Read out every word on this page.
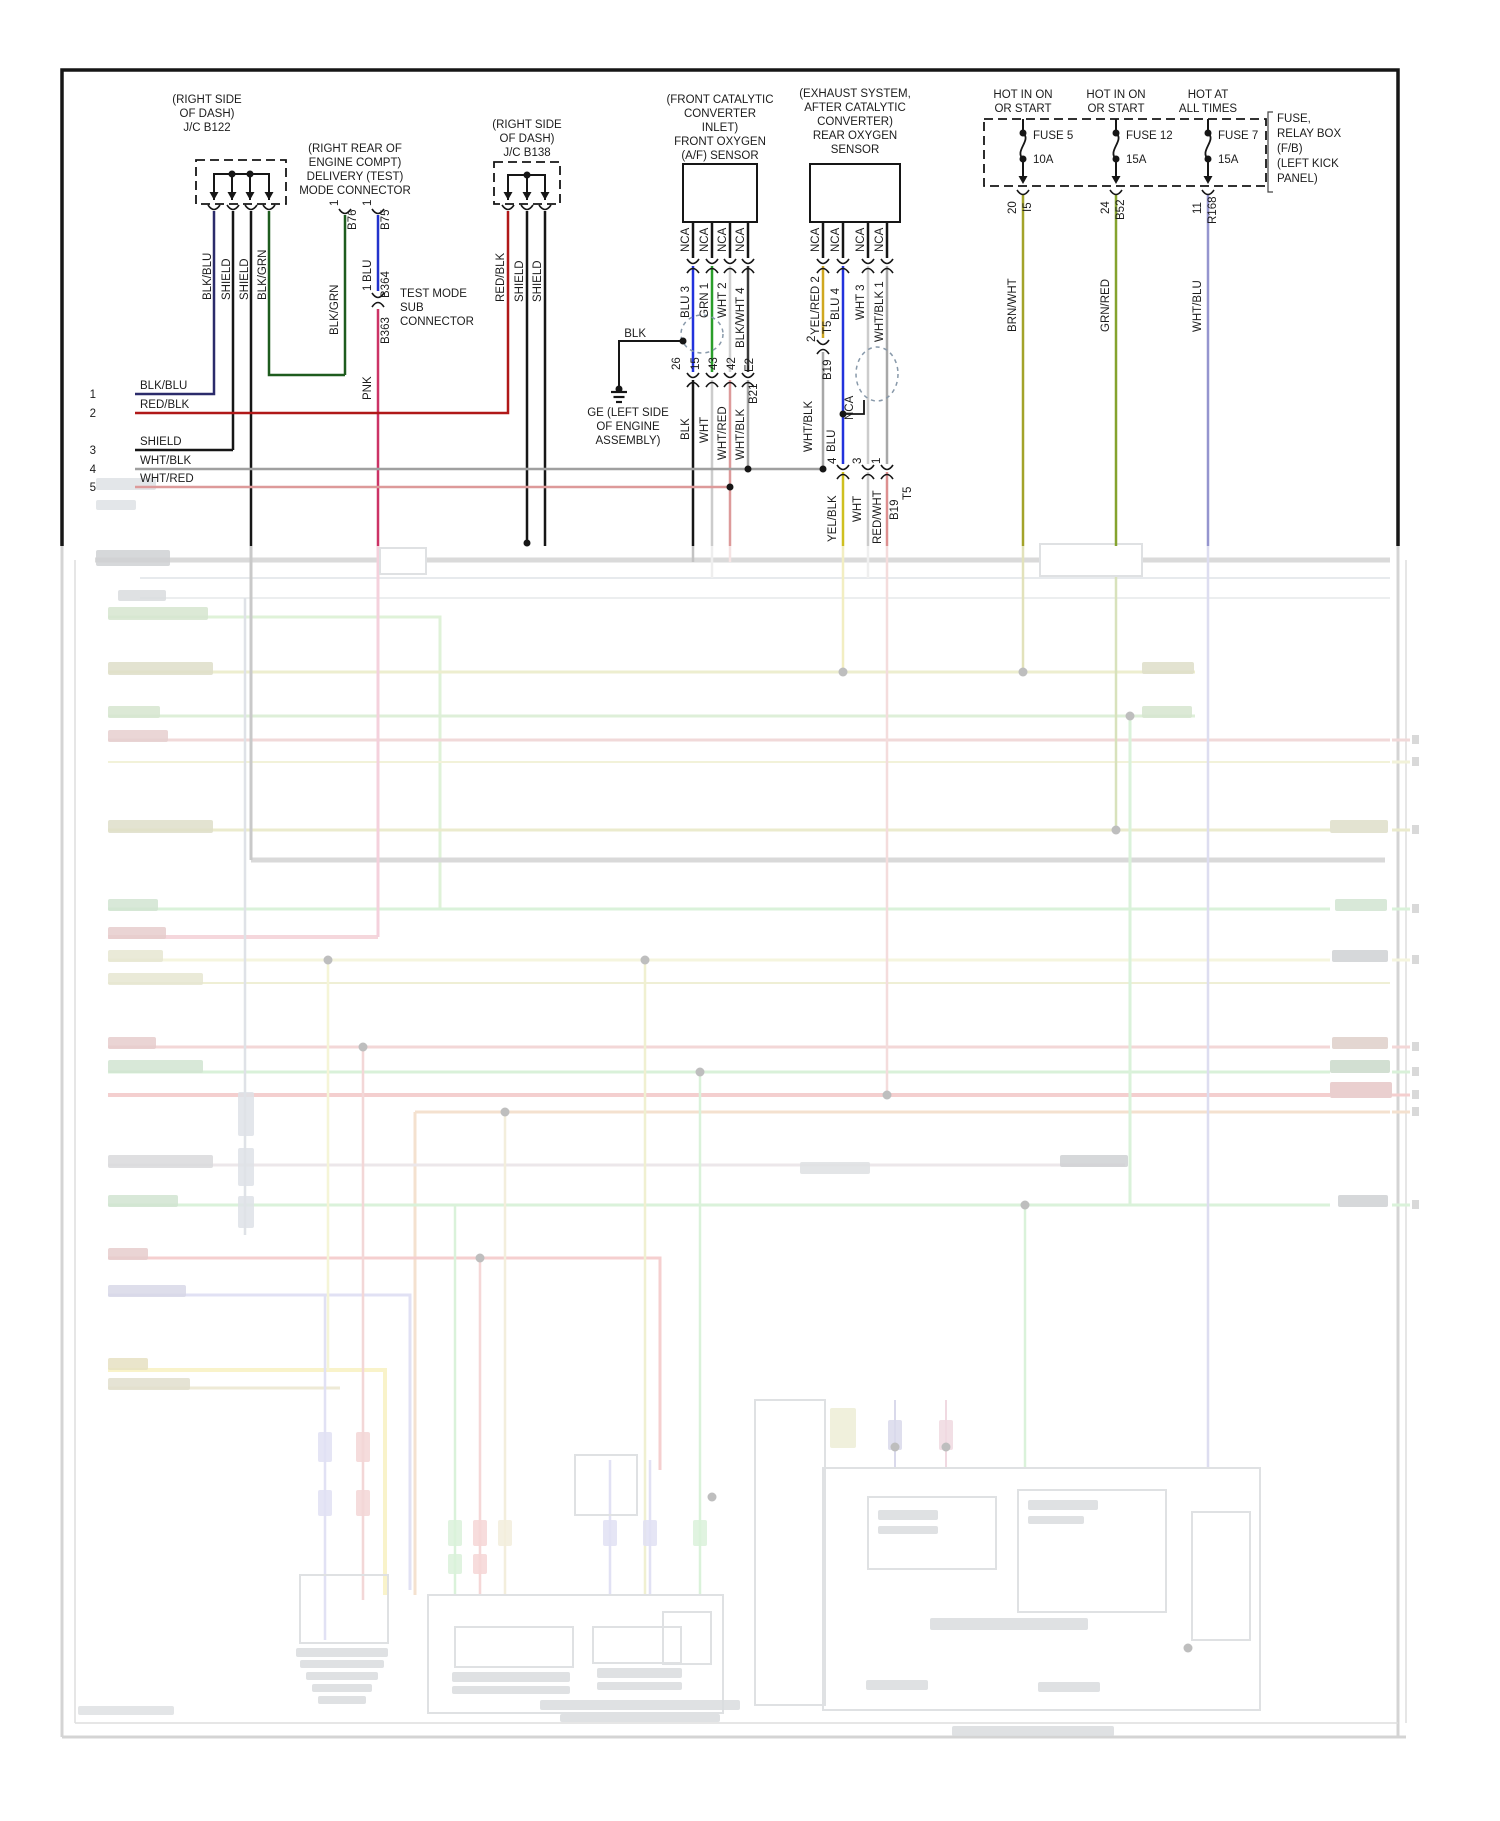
(RIGHT SIDE
OF DASH)
J/C B122
(RIGHT REAR OF
ENGINE COMPT)
DELIVERY (TEST)
MODE CONNECTOR
TEST MODE
SUB
CONNECTOR
(RIGHT SIDE
OF DASH)
J/C B138
(FRONT CATALYTIC
CONVERTER
INLET)
FRONT OXYGEN
(A/F) SENSOR
(EXHAUST SYSTEM,
AFTER CATALYTIC
CONVERTER)
REAR OXYGEN
SENSOR
HOT IN ON
OR START
HOT IN ON
OR START
HOT AT
ALL TIMES
FUSE 5
10A
FUSE 12
15A
FUSE 7
15A
FUSE,
RELAY BOX
(F/B)
(LEFT KICK
PANEL)
BLK
GE (LEFT SIDE
OF ENGINE
ASSEMBLY)
1
2
3
4
5
BLK/BLU
RED/BLK
SHIELD
WHT/BLK
WHT/RED
BLK/BLU SHIELD SHIELD BLK/GRN
1
B76
1
B75
BLK/GRN
BLU
1 B364
B363
PNK
RED/BLK SHIELD SHIELD
NCA NCA NCA NCA
BLU 3 GRN 1 WHT 2 BLK/WHT 4
26 15 43 42 E2
B21
BLK WHT WHT/RED WHT/BLK
NCA NCA NCA NCA
YEL/RED 2 BLU 4 WHT 3 WHT/BLK 1
2
T5
B19
WHT/BLK	NCA
BLU
4 3 1
YEL/BLK WHT RED/WHT B19
T5
20 I5
BRN/WHT
24 B52
GRN/RED
11 R168
WHT/BLU
